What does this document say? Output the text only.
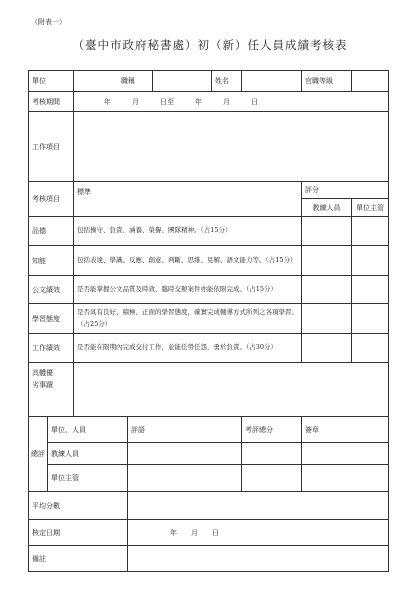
（附表一）
（臺中市政府秘書處）初（新）任人員成績考核表
單位		職稱		姓名		官職等級	
考核期間		年　　　月　　　日至　　　年　　　月　　　日					
工作項目							
考核項目		標準				評分	
						教練人員	單位主管
品德		包括操守、負責、涵養、榮譽、團隊精神。（占15分）					
知能		包括表達、學識、反應、創意、判斷、思維、見解、語文能力等。（占15分）					
公文績效		是否能掌握公文品質及時效，臨時交辦案件亦能依限完成。（占15分）					
學習態度		是否具有良好、積極、正面的學習態度，確實完成輔導方式所列之各項學習。（占25分）					
工作績效		是否能在限期內完成交付工作，並能任勞任怨，勇於負責。（占30分）					

具體優劣事蹟							

總評	單位、人員		評語		考評總分	簽章	
	教練人員						
	單位主管						
平均分數							
核定日期			年　　月　　日				
備註							
